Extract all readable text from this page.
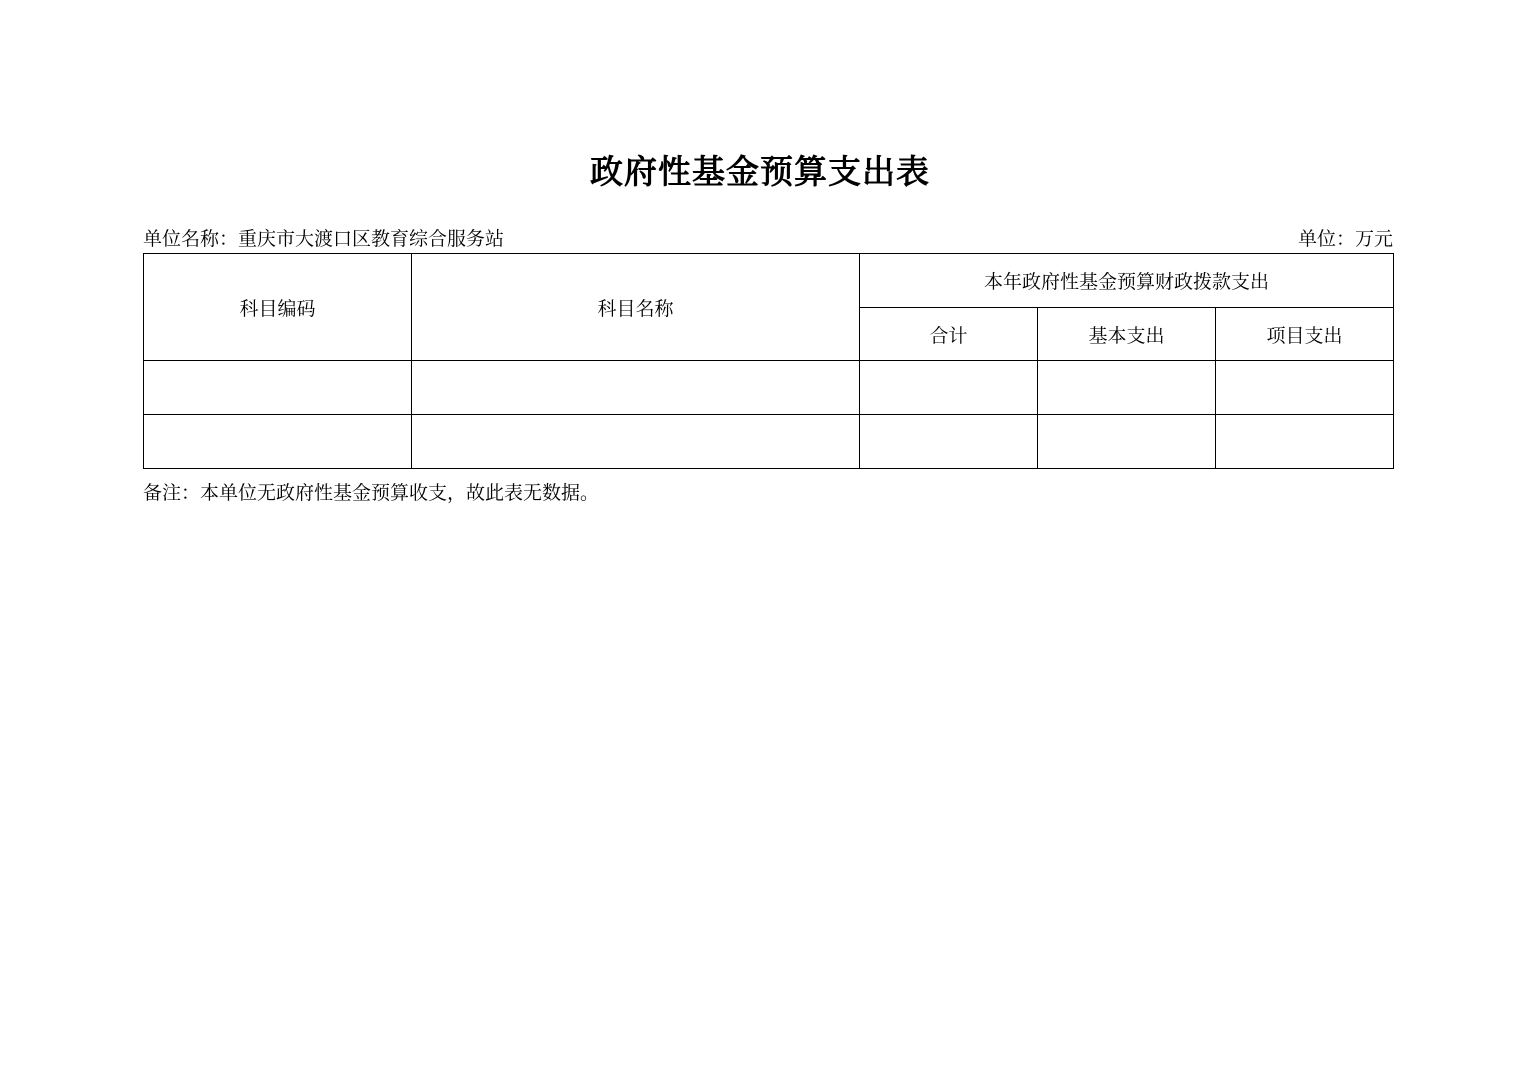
政府性基金预算支出表
单位名称：重庆市大渡口区教育综合服务站	单位：万元
科目编码	科目名称	本年政府性基金预算财政拨款支出		
		合计	基本支出	项目支出

备注：本单位无政府性基金预算收支，故此表无数据。
